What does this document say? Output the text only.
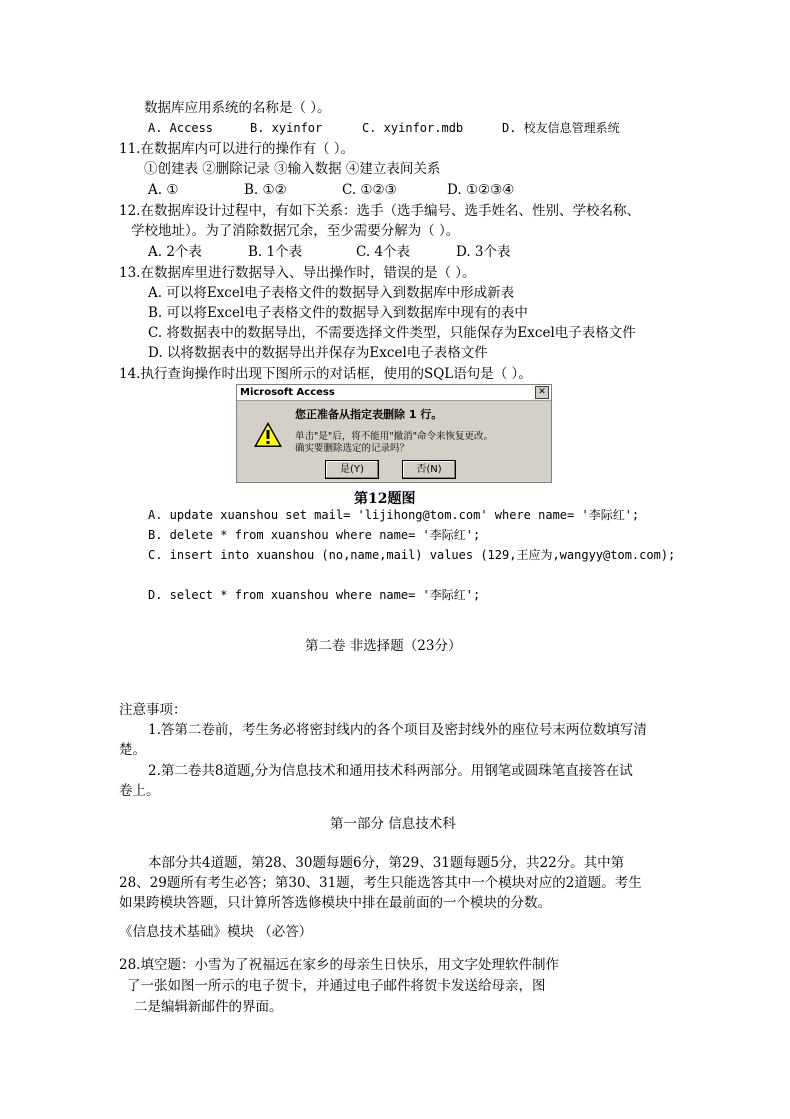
数据库应用系统的名称是（ ）。
A. Access	B. xyinfor	C. xyinfor.mdb	D. 校友信息管理系统
11.在数据库内可以进行的操作有（ ）。
①创建表 ②删除记录 ③输入数据 ④建立表间关系
A. ①	B. ①②	C. ①②③	D. ①②③④
12.在数据库设计过程中，有如下关系：选手（选手编号、选手姓名、性别、学校名称、
学校地址）。为了消除数据冗余，至少需要分解为（ ）。
A. 2个表	B. 1个表	C. 4个表	D. 3个表
13.在数据库里进行数据导入、导出操作时，错误的是（ ）。
A. 可以将Excel电子表格文件的数据导入到数据库中形成新表
B. 可以将Excel电子表格文件的数据导入到数据库中现有的表中
C. 将数据表中的数据导出，不需要选择文件类型，只能保存为Excel电子表格文件
D. 以将数据表中的数据导出并保存为Excel电子表格文件
14.执行查询操作时出现下图所示的对话框，使用的SQL语句是（ ）。
Microsoft Access	✕
您正准备从指定表删除 1 行。
单击"是"后，将不能用"撤消"命令来恢复更改。
确实要删除选定的记录吗？
是(Y)	否(N)
第12题图
A. update xuanshou set mail= 'lijihong@tom.com' where name= '李际红';
B. delete * from xuanshou where name= '李际红';
C. insert into xuanshou (no,name,mail) values (129,王应为,wangyy@tom.com);
D. select * from xuanshou where name= '李际红';
第二卷 非选择题（23分）
注意事项：
1.答第二卷前，考生务必将密封线内的各个项目及密封线外的座位号末两位数填写清
楚。
2.第二卷共8道题,分为信息技术和通用技术科两部分。用钢笔或圆珠笔直接答在试
卷上。
第一部分 信息技术科
本部分共4道题，第28、30题每题6分，第29、31题每题5分，共22分。其中第
28、29题所有考生必答；第30、31题，考生只能选答其中一个模块对应的2道题。考生
如果跨模块答题，只计算所答选修模块中排在最前面的一个模块的分数。
《信息技术基础》模块 （必答）
28.填空题：小雪为了祝福远在家乡的母亲生日快乐，用文字处理软件制作
了一张如图一所示的电子贺卡，并通过电子邮件将贺卡发送给母亲，图
二是编辑新邮件的界面。
